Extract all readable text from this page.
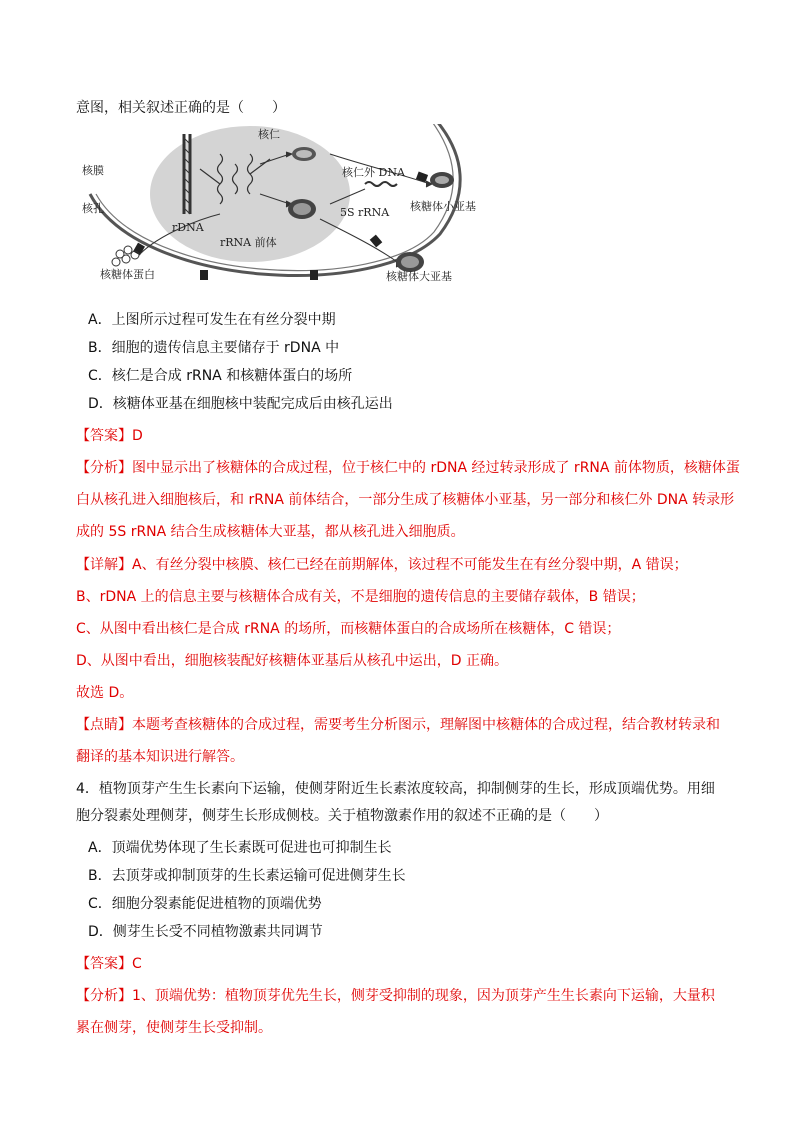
意图，相关叙述正确的是（　　）
核仁
核膜
核孔
rDNA
rRNA 前体
核糖体蛋白
核仁外 DNA
5S rRNA 核糖体小亚基
核糖体大亚基
A．上图所示过程可发生在有丝分裂中期
B．细胞的遗传信息主要储存于 rDNA 中
C．核仁是合成 rRNA 和核糖体蛋白的场所
D．核糖体亚基在细胞核中装配完成后由核孔运出
【答案】D
【分析】图中显示出了核糖体的合成过程，位于核仁中的 rDNA 经过转录形成了 rRNA 前体物质，核糖体蛋
白从核孔进入细胞核后，和 rRNA 前体结合，一部分生成了核糖体小亚基，另一部分和核仁外 DNA 转录形
成的 5S rRNA 结合生成核糖体大亚基，都从核孔进入细胞质。
【详解】A、有丝分裂中核膜、核仁已经在前期解体，该过程不可能发生在有丝分裂中期，A 错误；
B、rDNA 上的信息主要与核糖体合成有关，不是细胞的遗传信息的主要储存载体，B 错误；
C、从图中看出核仁是合成 rRNA 的场所，而核糖体蛋白的合成场所在核糖体，C 错误；
D、从图中看出，细胞核装配好核糖体亚基后从核孔中运出，D 正确。
故选 D。
【点睛】本题考查核糖体的合成过程，需要考生分析图示，理解图中核糖体的合成过程，结合教材转录和
翻译的基本知识进行解答。
4．植物顶芽产生生长素向下运输，使侧芽附近生长素浓度较高，抑制侧芽的生长，形成顶端优势。用细
胞分裂素处理侧芽，侧芽生长形成侧枝。关于植物激素作用的叙述不正确的是（　　）
A．顶端优势体现了生长素既可促进也可抑制生长
B．去顶芽或抑制顶芽的生长素运输可促进侧芽生长
C．细胞分裂素能促进植物的顶端优势
D．侧芽生长受不同植物激素共同调节
【答案】C
【分析】1、顶端优势：植物顶芽优先生长，侧芽受抑制的现象，因为顶芽产生生长素向下运输，大量积
累在侧芽，使侧芽生长受抑制。
